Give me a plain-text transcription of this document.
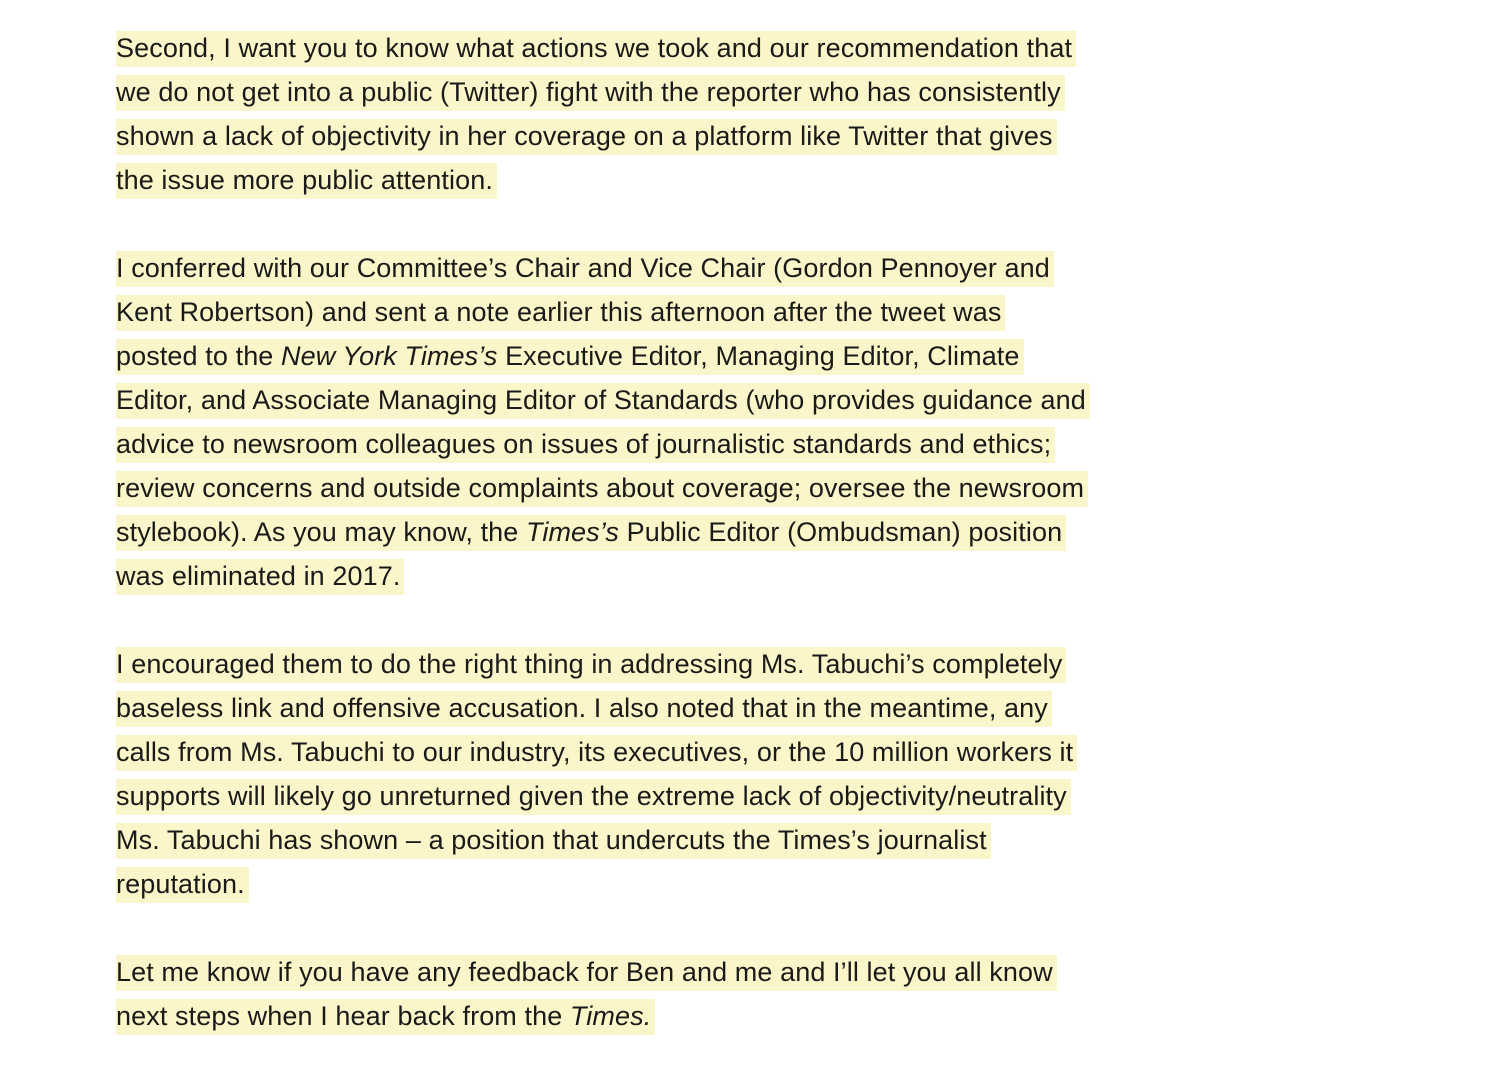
Second, I want you to know what actions we took and our recommendation that
we do not get into a public (Twitter) fight with the reporter who has consistently
shown a lack of objectivity in her coverage on a platform like Twitter that gives
the issue more public attention.
I conferred with our Committee’s Chair and Vice Chair (Gordon Pennoyer and
Kent Robertson) and sent a note earlier this afternoon after the tweet was
posted to the New York Times’s Executive Editor, Managing Editor, Climate
Editor, and Associate Managing Editor of Standards (who provides guidance and
advice to newsroom colleagues on issues of journalistic standards and ethics;
review concerns and outside complaints about coverage; oversee the newsroom
stylebook). As you may know, the Times’s Public Editor (Ombudsman) position
was eliminated in 2017.
I encouraged them to do the right thing in addressing Ms. Tabuchi’s completely
baseless link and offensive accusation. I also noted that in the meantime, any
calls from Ms. Tabuchi to our industry, its executives, or the 10 million workers it
supports will likely go unreturned given the extreme lack of objectivity/neutrality
Ms. Tabuchi has shown – a position that undercuts the Times’s journalist
reputation.
Let me know if you have any feedback for Ben and me and I’ll let you all know
next steps when I hear back from the Times.
